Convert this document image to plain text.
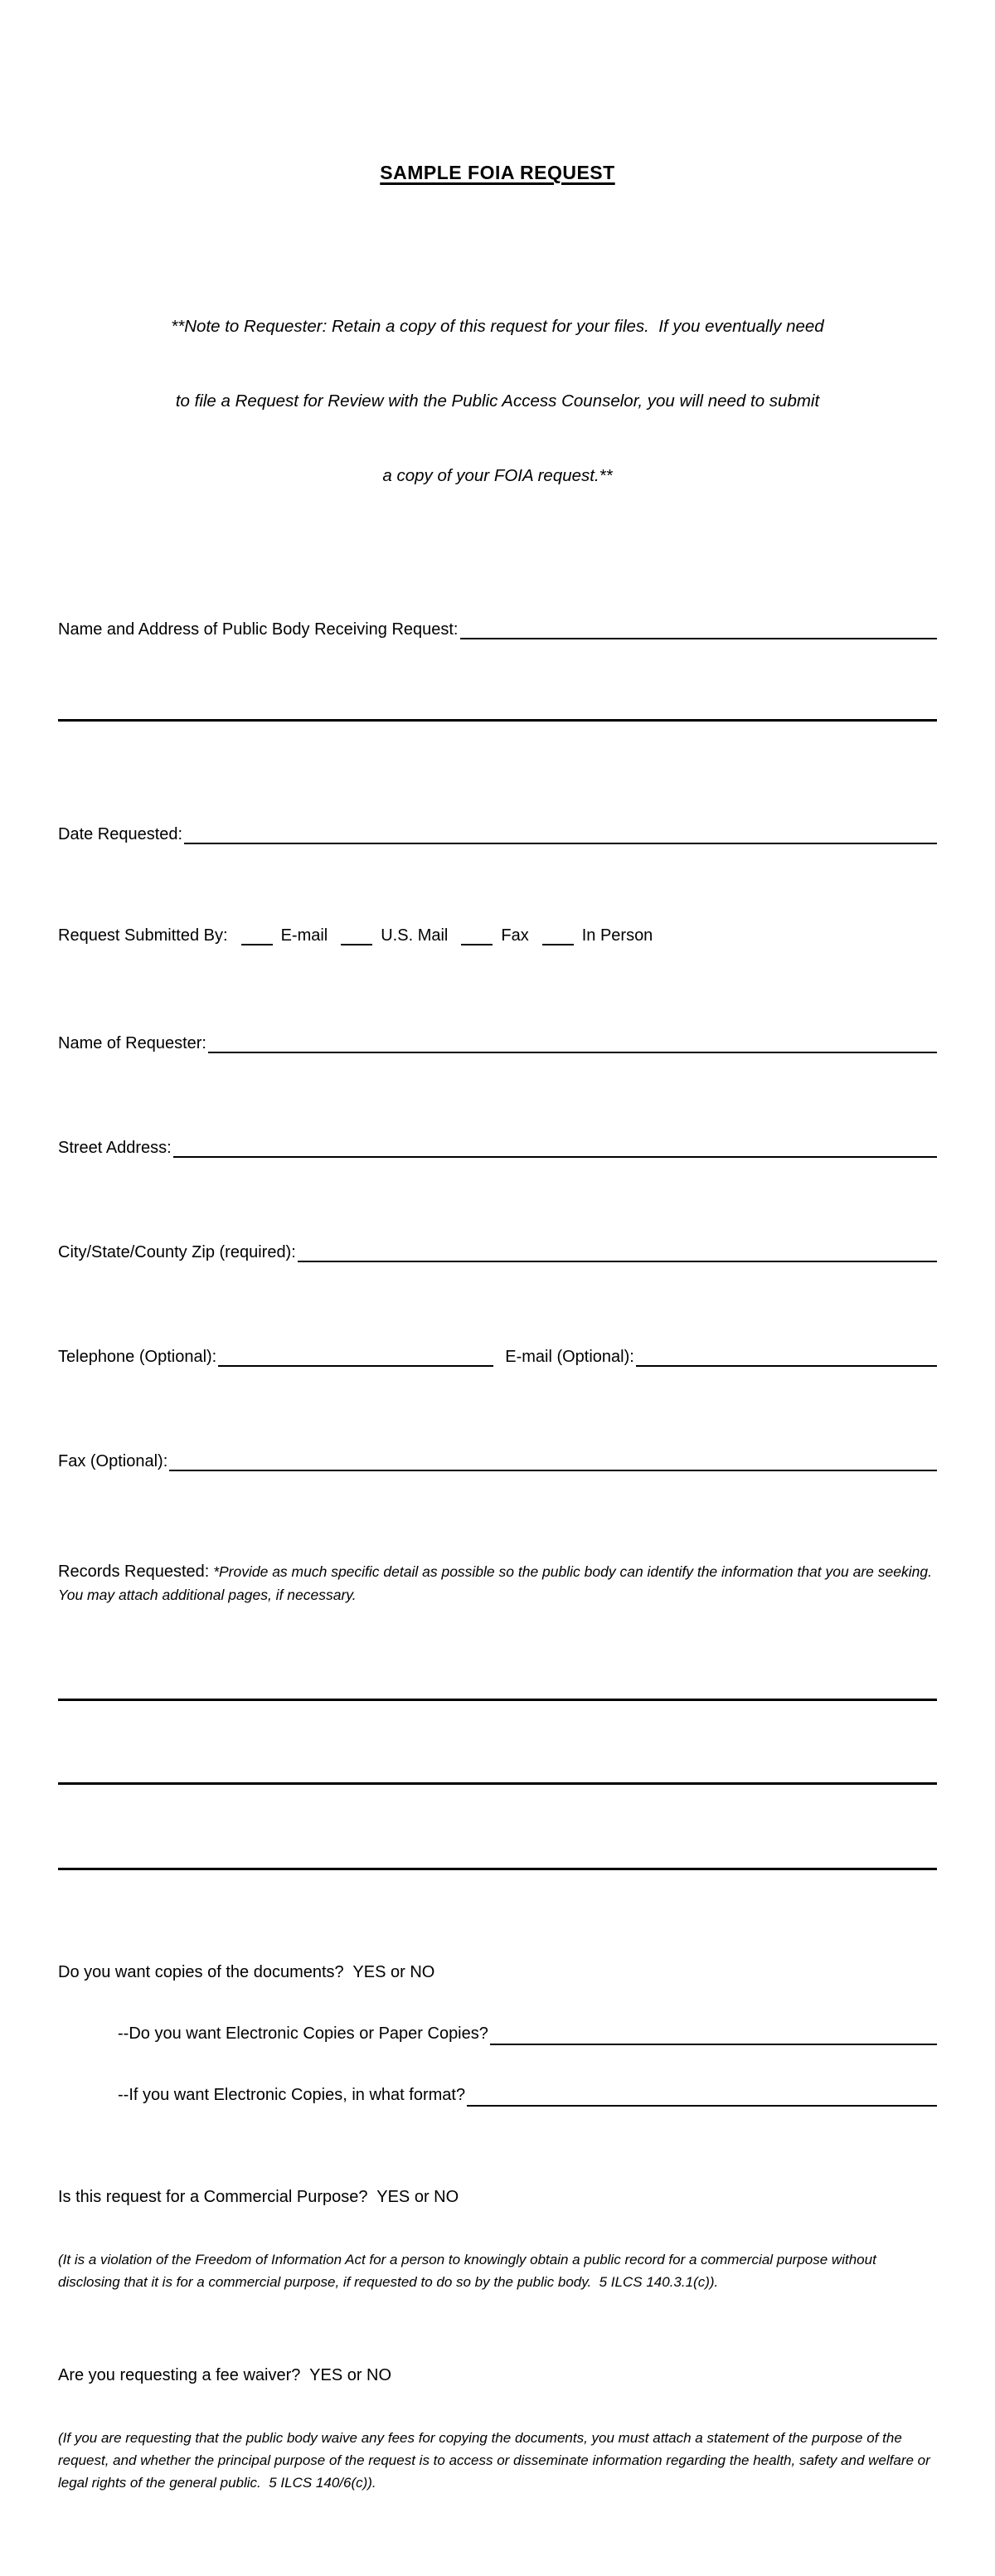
SAMPLE FOIA REQUEST

**Note to Requester: Retain a copy of this request for your files.  If you eventually need

to file a Request for Review with the Public Access Counselor, you will need to submit

a copy of your FOIA request.**

Name and Address of Public Body Receiving Request:

Date Requested:

Request Submitted By:	E-mail	U.S. Mail	Fax	In Person

Name of Requester:

Street Address:

City/State/County Zip (required):

Telephone (Optional):	E-mail (Optional):

Fax (Optional):

Records Requested: *Provide as much specific detail as possible so the public body can identify the information that you are seeking.  You may attach additional pages, if necessary.

Do you want copies of the documents?  YES or NO

--Do you want Electronic Copies or Paper Copies?

--If you want Electronic Copies, in what format?

Is this request for a Commercial Purpose?  YES or NO

(It is a violation of the Freedom of Information Act for a person to knowingly obtain a public record for a commercial purpose without disclosing that it is for a commercial purpose, if requested to do so by the public body.  5 ILCS 140.3.1(c)).

Are you requesting a fee waiver?  YES or NO

(If you are requesting that the public body waive any fees for copying the documents, you must attach a statement of the purpose of the request, and whether the principal purpose of the request is to access or disseminate information regarding the health, safety and welfare or legal rights of the general public.  5 ILCS 140/6(c)).
